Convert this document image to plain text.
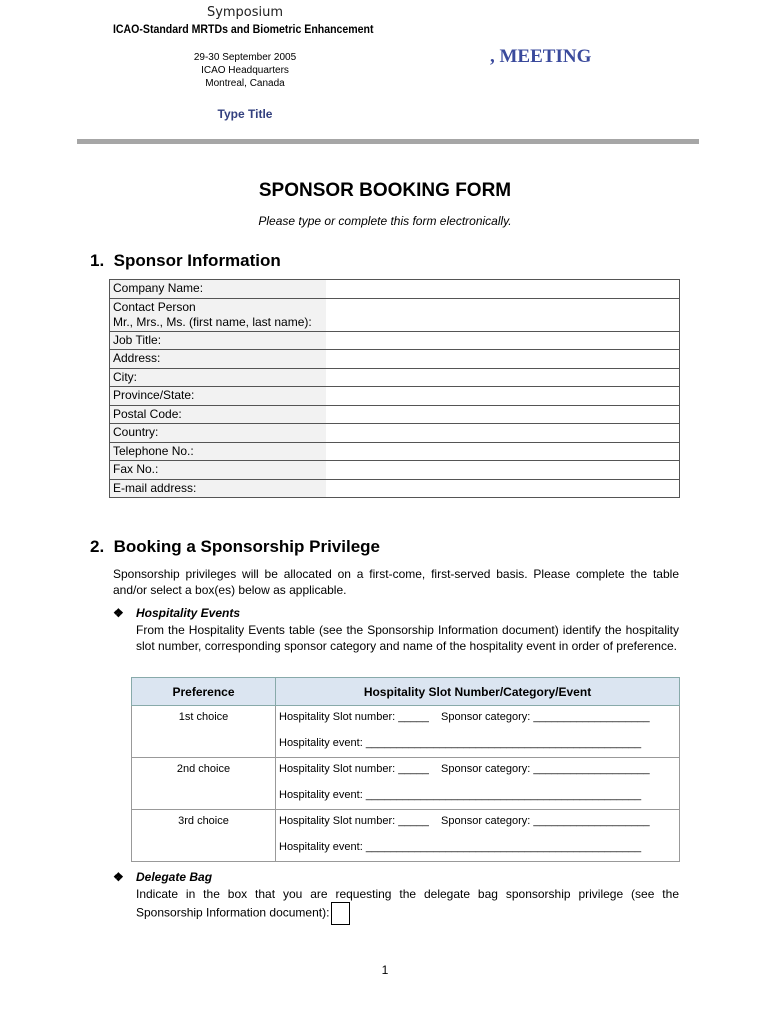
Symposium
ICAO-Standard MRTDs and Biometric Enhancement
29-30 September 2005
ICAO Headquarters
Montreal, Canada
Type Title
, MEETING
SPONSOR BOOKING FORM
Please type or complete this form electronically.
1.  Sponsor Information
Company Name:	

Contact Person
Mr., Mrs., Ms. (first name, last name):	

Job Title:	
Address:	
City:	
Province/State:	
Postal Code:	
Country:	
Telephone No.:	
Fax No.:	
E-mail address:	
2.  Booking a Sponsorship Privilege
Sponsorship privileges will be allocated on a first-come, first-served basis. Please complete the table and/or select a box(es) below as applicable.
❖ Hospitality Events
From the Hospitality Events table (see the Sponsorship Information document) identify the hospitality slot number, corresponding sponsor category and name of the hospitality event in order of preference.
Preference	Hospitality Slot Number/Category/Event
1st choice	Hospitality Slot number: _____    Sponsor category: ___________________
Hospitality event: _____________________________________________

2nd choice	Hospitality Slot number: _____    Sponsor category: ___________________
Hospitality event: _____________________________________________

3rd choice	Hospitality Slot number: _____    Sponsor category: ___________________
Hospitality event: _____________________________________________
❖ Delegate Bag
Indicate in the box that you are requesting the delegate bag sponsorship privilege (see the Sponsorship Information document):
1
